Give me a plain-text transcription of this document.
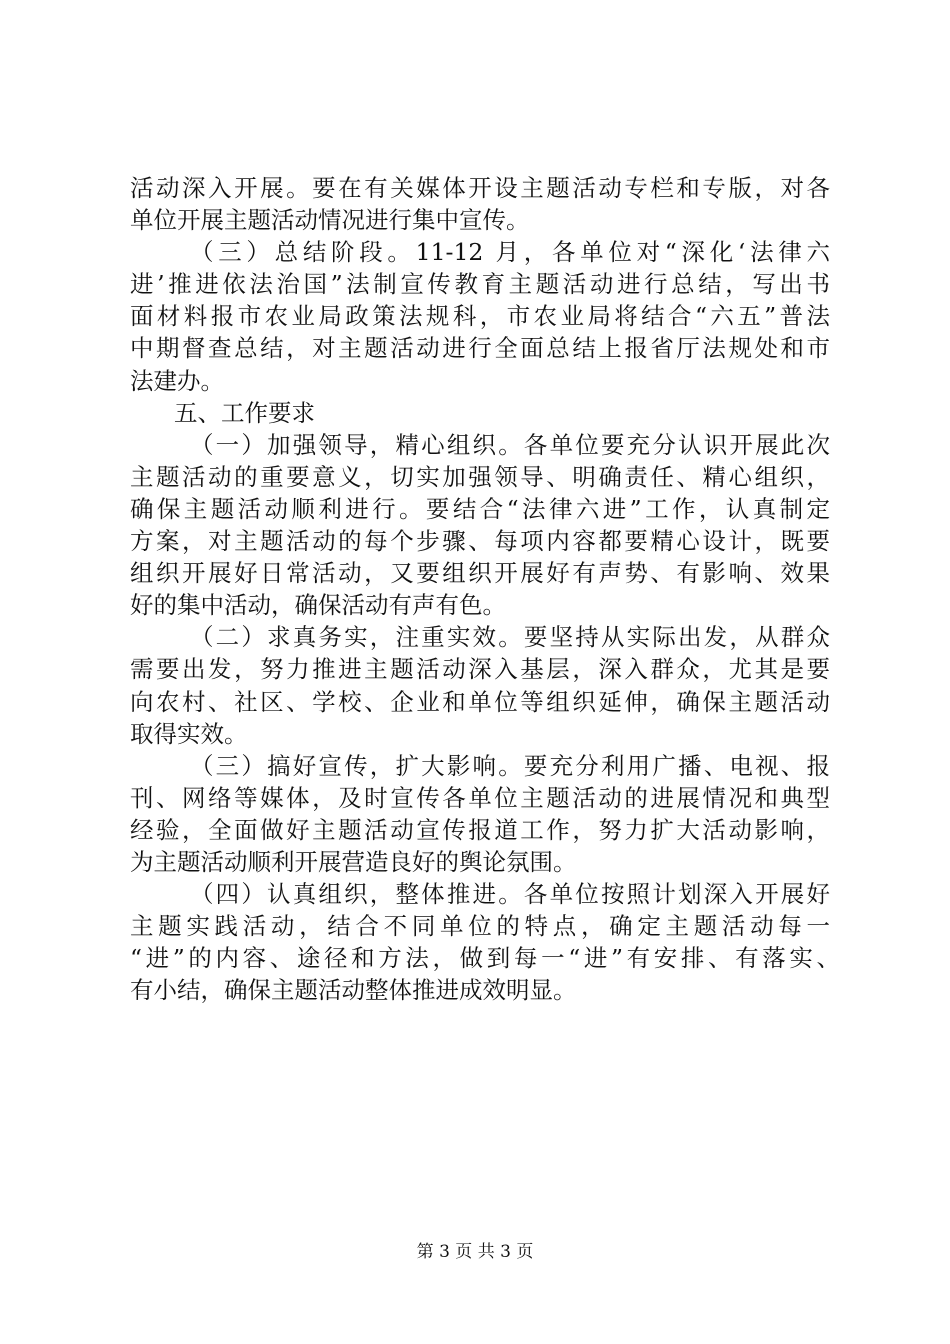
活动深入开展。要在有关媒体开设主题活动专栏和专版，对各
单位开展主题活动情况进行集中宣传。
（三）总结阶段。11-12 月，各单位对“深化‘法律六
进’推进依法治国”法制宣传教育主题活动进行总结，写出书
面材料报市农业局政策法规科，市农业局将结合“六五”普法
中期督查总结，对主题活动进行全面总结上报省厅法规处和市
法建办。
五、工作要求
（一）加强领导，精心组织。各单位要充分认识开展此次
主题活动的重要意义，切实加强领导、明确责任、精心组织，
确保主题活动顺利进行。要结合“法律六进”工作，认真制定
方案，对主题活动的每个步骤、每项内容都要精心设计，既要
组织开展好日常活动，又要组织开展好有声势、有影响、效果
好的集中活动，确保活动有声有色。
（二）求真务实，注重实效。要坚持从实际出发，从群众
需要出发，努力推进主题活动深入基层，深入群众，尤其是要
向农村、社区、学校、企业和单位等组织延伸，确保主题活动
取得实效。
（三）搞好宣传，扩大影响。要充分利用广播、电视、报
刊、网络等媒体，及时宣传各单位主题活动的进展情况和典型
经验，全面做好主题活动宣传报道工作，努力扩大活动影响，
为主题活动顺利开展营造良好的舆论氛围。
（四）认真组织，整体推进。各单位按照计划深入开展好
主题实践活动，结合不同单位的特点，确定主题活动每一
“进”的内容、途径和方法，做到每一“进”有安排、有落实、
有小结，确保主题活动整体推进成效明显。
第 3 页 共 3 页
